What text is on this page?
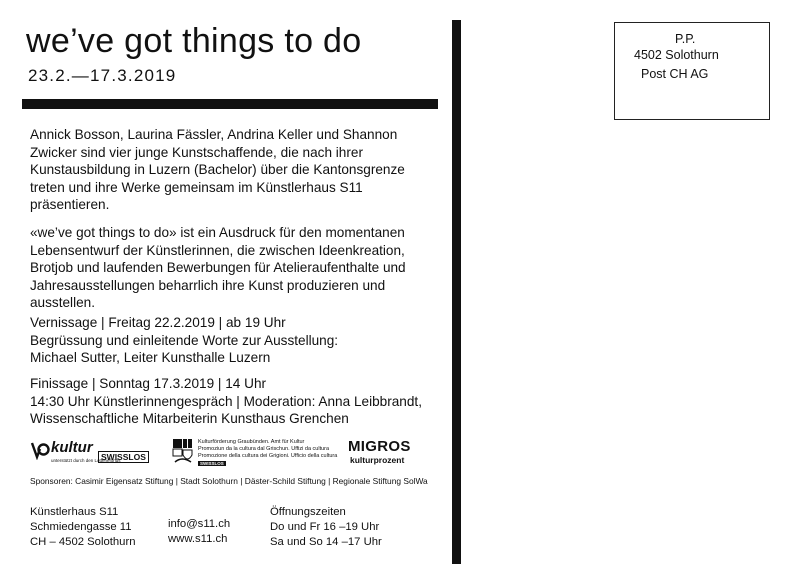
we’ve got things to do
23.2.—17.3.2019
P.P.
4502 Solothurn
Post CH AG
Annick Bosson, Laurina Fässler, Andrina Keller und Shannon
Zwicker sind vier junge Kunstschaffende, die nach ihrer
Kunstausbildung in Luzern (Bachelor) über die Kantonsgrenze
treten und ihre Werke gemeinsam im Künstlerhaus S11
präsentieren.
«we’ve got things to do» ist ein Ausdruck für den momentanen
Lebensentwurf der Künstlerinnen, die zwischen Ideenkreation,
Brotjob und laufenden Bewerbungen für Atelieraufenthalte und
Jahresausstellungen beharrlich ihre Kunst produzieren und
ausstellen.
Vernissage | Freitag 22.2.2019 | ab 19 Uhr
Begrüssung und einleitende Worte zur Ausstellung:
Michael Sutter, Leiter Kunsthalle Luzern
Finissage | Sonntag 17.3.2019 | 14 Uhr
14:30 Uhr Künstlerinnengespräch | Moderation: Anna Leibbrandt,
Wissenschaftliche Mitarbeiterin Kunsthaus Grenchen
kultur
unterstützt durch den Lotteriefonds
SWISSLOS
Kulturförderung Graubünden. Amt für Kultur
Promoziun da la cultura dal Grischun. Uffizi da cultura
Promozione della cultura dei Grigioni. Ufficio della cultura
SWISSLOS
MIGROS
kulturprozent
Sponsoren: Casimir Eigensatz Stiftung | Stadt Solothurn | Däster-Schild Stiftung | Regionale Stiftung SolWa
Künstlerhaus S11
Schmiedengasse 11
CH – 4502 Solothurn
info@s11.ch
www.s11.ch
Öffnungszeiten
Do und Fr 16 –19 Uhr
Sa und So 14 –17 Uhr
